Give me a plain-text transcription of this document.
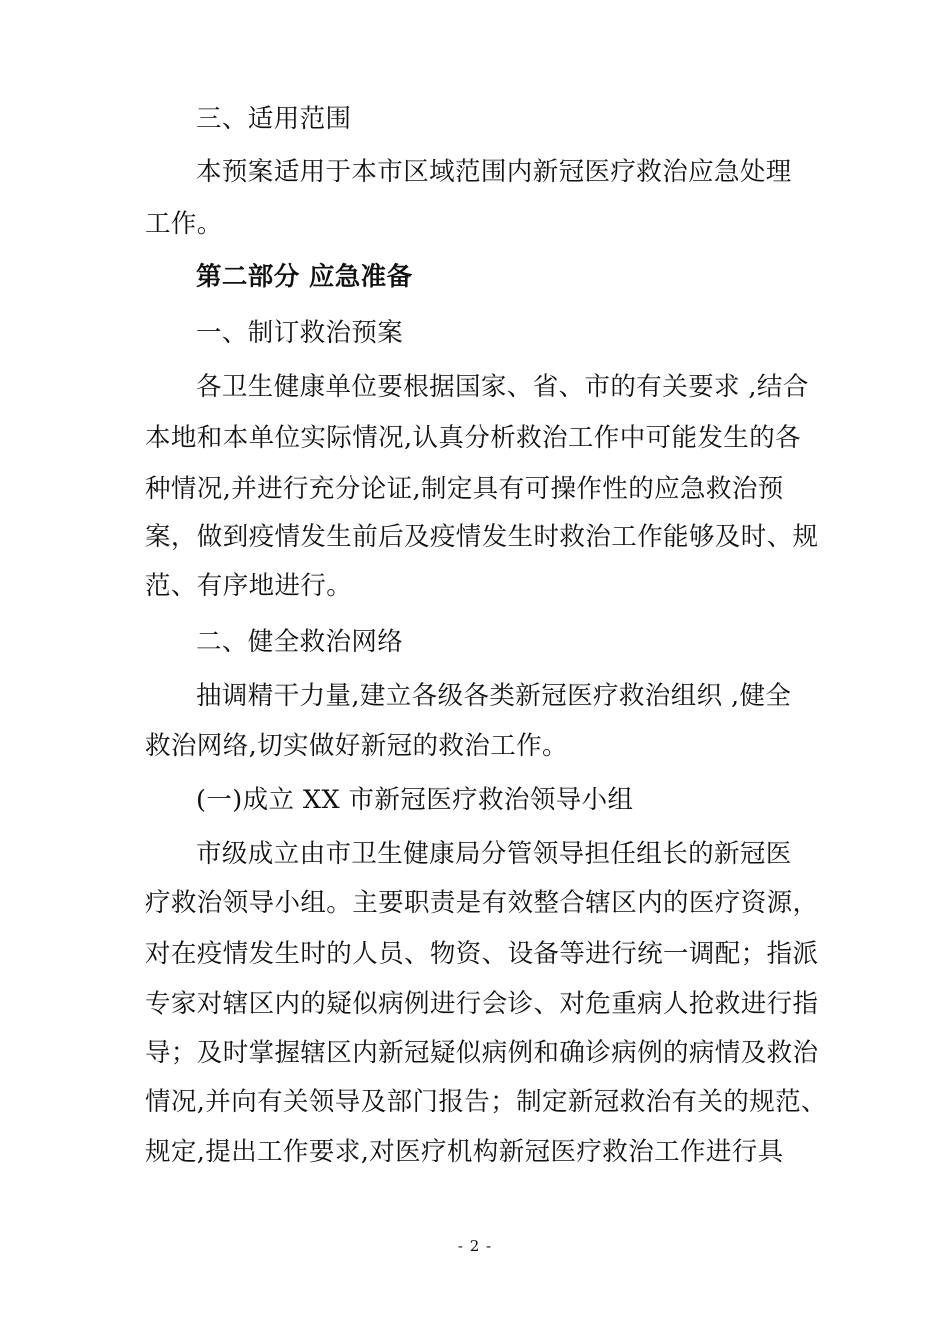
三、适用范围
本预案适用于本市区域范围内新冠医疗救治应急处理
工作。
第二部分 应急准备
一、制订救治预案
各卫生健康单位要根据国家、省、市的有关要求 ,结合
本地和本单位实际情况,认真分析救治工作中可能发生的各
种情况,并进行充分论证,制定具有可操作性的应急救治预
案，做到疫情发生前后及疫情发生时救治工作能够及时、规
范、有序地进行。
二、健全救治网络
抽调精干力量,建立各级各类新冠医疗救治组织 ,健全
救治网络,切实做好新冠的救治工作。
(一)成立 XX 市新冠医疗救治领导小组
市级成立由市卫生健康局分管领导担任组长的新冠医
疗救治领导小组。主要职责是有效整合辖区内的医疗资源，
对在疫情发生时的人员、物资、设备等进行统一调配；指派
专家对辖区内的疑似病例进行会诊、对危重病人抢救进行指
导；及时掌握辖区内新冠疑似病例和确诊病例的病情及救治
情况,并向有关领导及部门报告；制定新冠救治有关的规范、
规定,提出工作要求,对医疗机构新冠医疗救治工作进行具
- 2 -
